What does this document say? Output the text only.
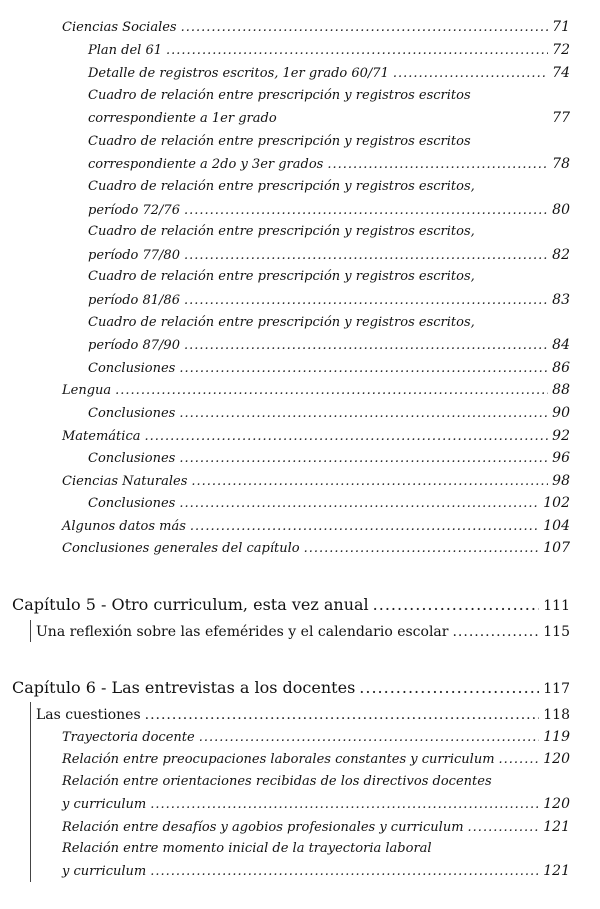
Ciencias Sociales .....	71
Plan del 61 .....	72
Detalle de registros escritos, 1er grado 60/71 .....	74
Cuadro de relación entre prescripción y registros escritos
correspondiente a 1er grado	77
Cuadro de relación entre prescripción y registros escritos
correspondiente a 2do y 3er grados .....	78
Cuadro de relación entre prescripción y registros escritos,
período 72/76 .....	80
Cuadro de relación entre prescripción y registros escritos,
período 77/80 .....	82
Cuadro de relación entre prescripción y registros escritos,
período 81/86 .....	83
Cuadro de relación entre prescripción y registros escritos,
período 87/90 .....	84
Conclusiones .....	86
Lengua .....	88
Conclusiones .....	90
Matemática .....	92
Conclusiones .....	96
Ciencias Naturales .....	98
Conclusiones .....	102
Algunos datos más .....	104
Conclusiones generales del capítulo .....	107
Capítulo 5 - Otro curriculum, esta vez anual .....	111
Una reflexión sobre las efemérides y el calendario escolar .....	115
Capítulo 6 - Las entrevistas a los docentes .....	117
Las cuestiones .....	118
Trayectoria docente .....	119
Relación entre preocupaciones laborales constantes y curriculum .....	120
Relación entre orientaciones recibidas de los directivos docentes
y curriculum .....	120
Relación entre desafíos y agobios profesionales y curriculum .....	121
Relación entre momento inicial de la trayectoria laboral
y curriculum .....	121
